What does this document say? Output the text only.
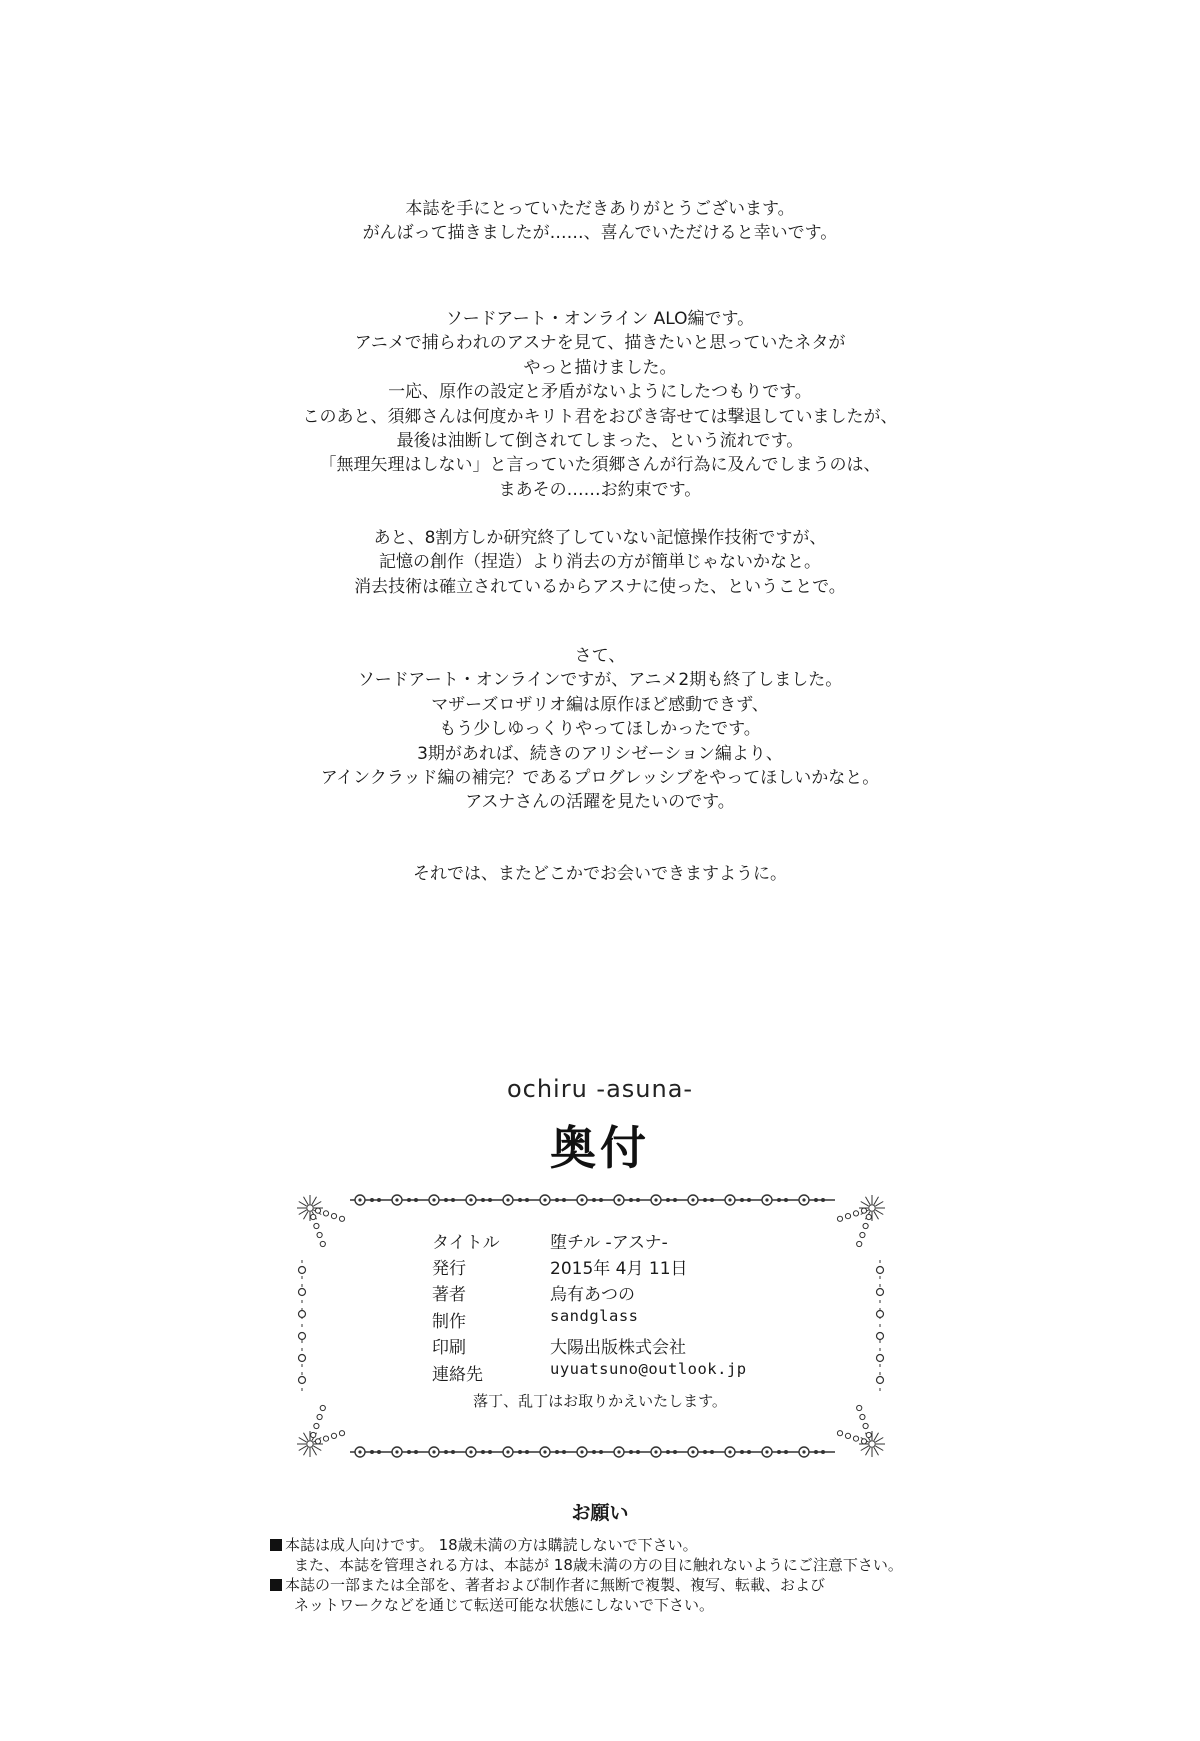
本誌を手にとっていただきありがとうございます。
がんばって描きましたが……、喜んでいただけると幸いです。

ソードアート・オンライン ALO編です。
アニメで捕らわれのアスナを見て、描きたいと思っていたネタが
やっと描けました。
一応、原作の設定と矛盾がないようにしたつもりです。
このあと、須郷さんは何度かキリト君をおびき寄せては撃退していましたが、
最後は油断して倒されてしまった、という流れです。
「無理矢理はしない」と言っていた須郷さんが行為に及んでしまうのは、
まあその……お約束です。

あと、8割方しか研究終了していない記憶操作技術ですが、
記憶の創作（捏造）より消去の方が簡単じゃないかなと。
消去技術は確立されているからアスナに使った、ということで。

さて、
ソードアート・オンラインですが、アニメ2期も終了しました。
マザーズロザリオ編は原作ほど感動できず、
もう少しゆっくりやってほしかったです。
3期があれば、続きのアリシゼーション編より、
アインクラッド編の補完？であるプログレッシブをやってほしいかなと。
アスナさんの活躍を見たいのです。

それでは、またどこかでお会いできますように。

ochiru -asuna-
奥付
タイトル	堕チル -アスナ-
発行	2015年 4月 11日
著者	烏有あつの
制作	sandglass
印刷	大陽出版株式会社
連絡先	uyuatsuno@outlook.jp
落丁、乱丁はお取りかえいたします。
お願い
本誌は成人向けです。 18歳未満の方は購読しないで下さい。
また、本誌を管理される方は、本誌が 18歳未満の方の目に触れないようにご注意下さい。
本誌の一部または全部を、著者および制作者に無断で複製、複写、転載、および
ネットワークなどを通じて転送可能な状態にしないで下さい。
